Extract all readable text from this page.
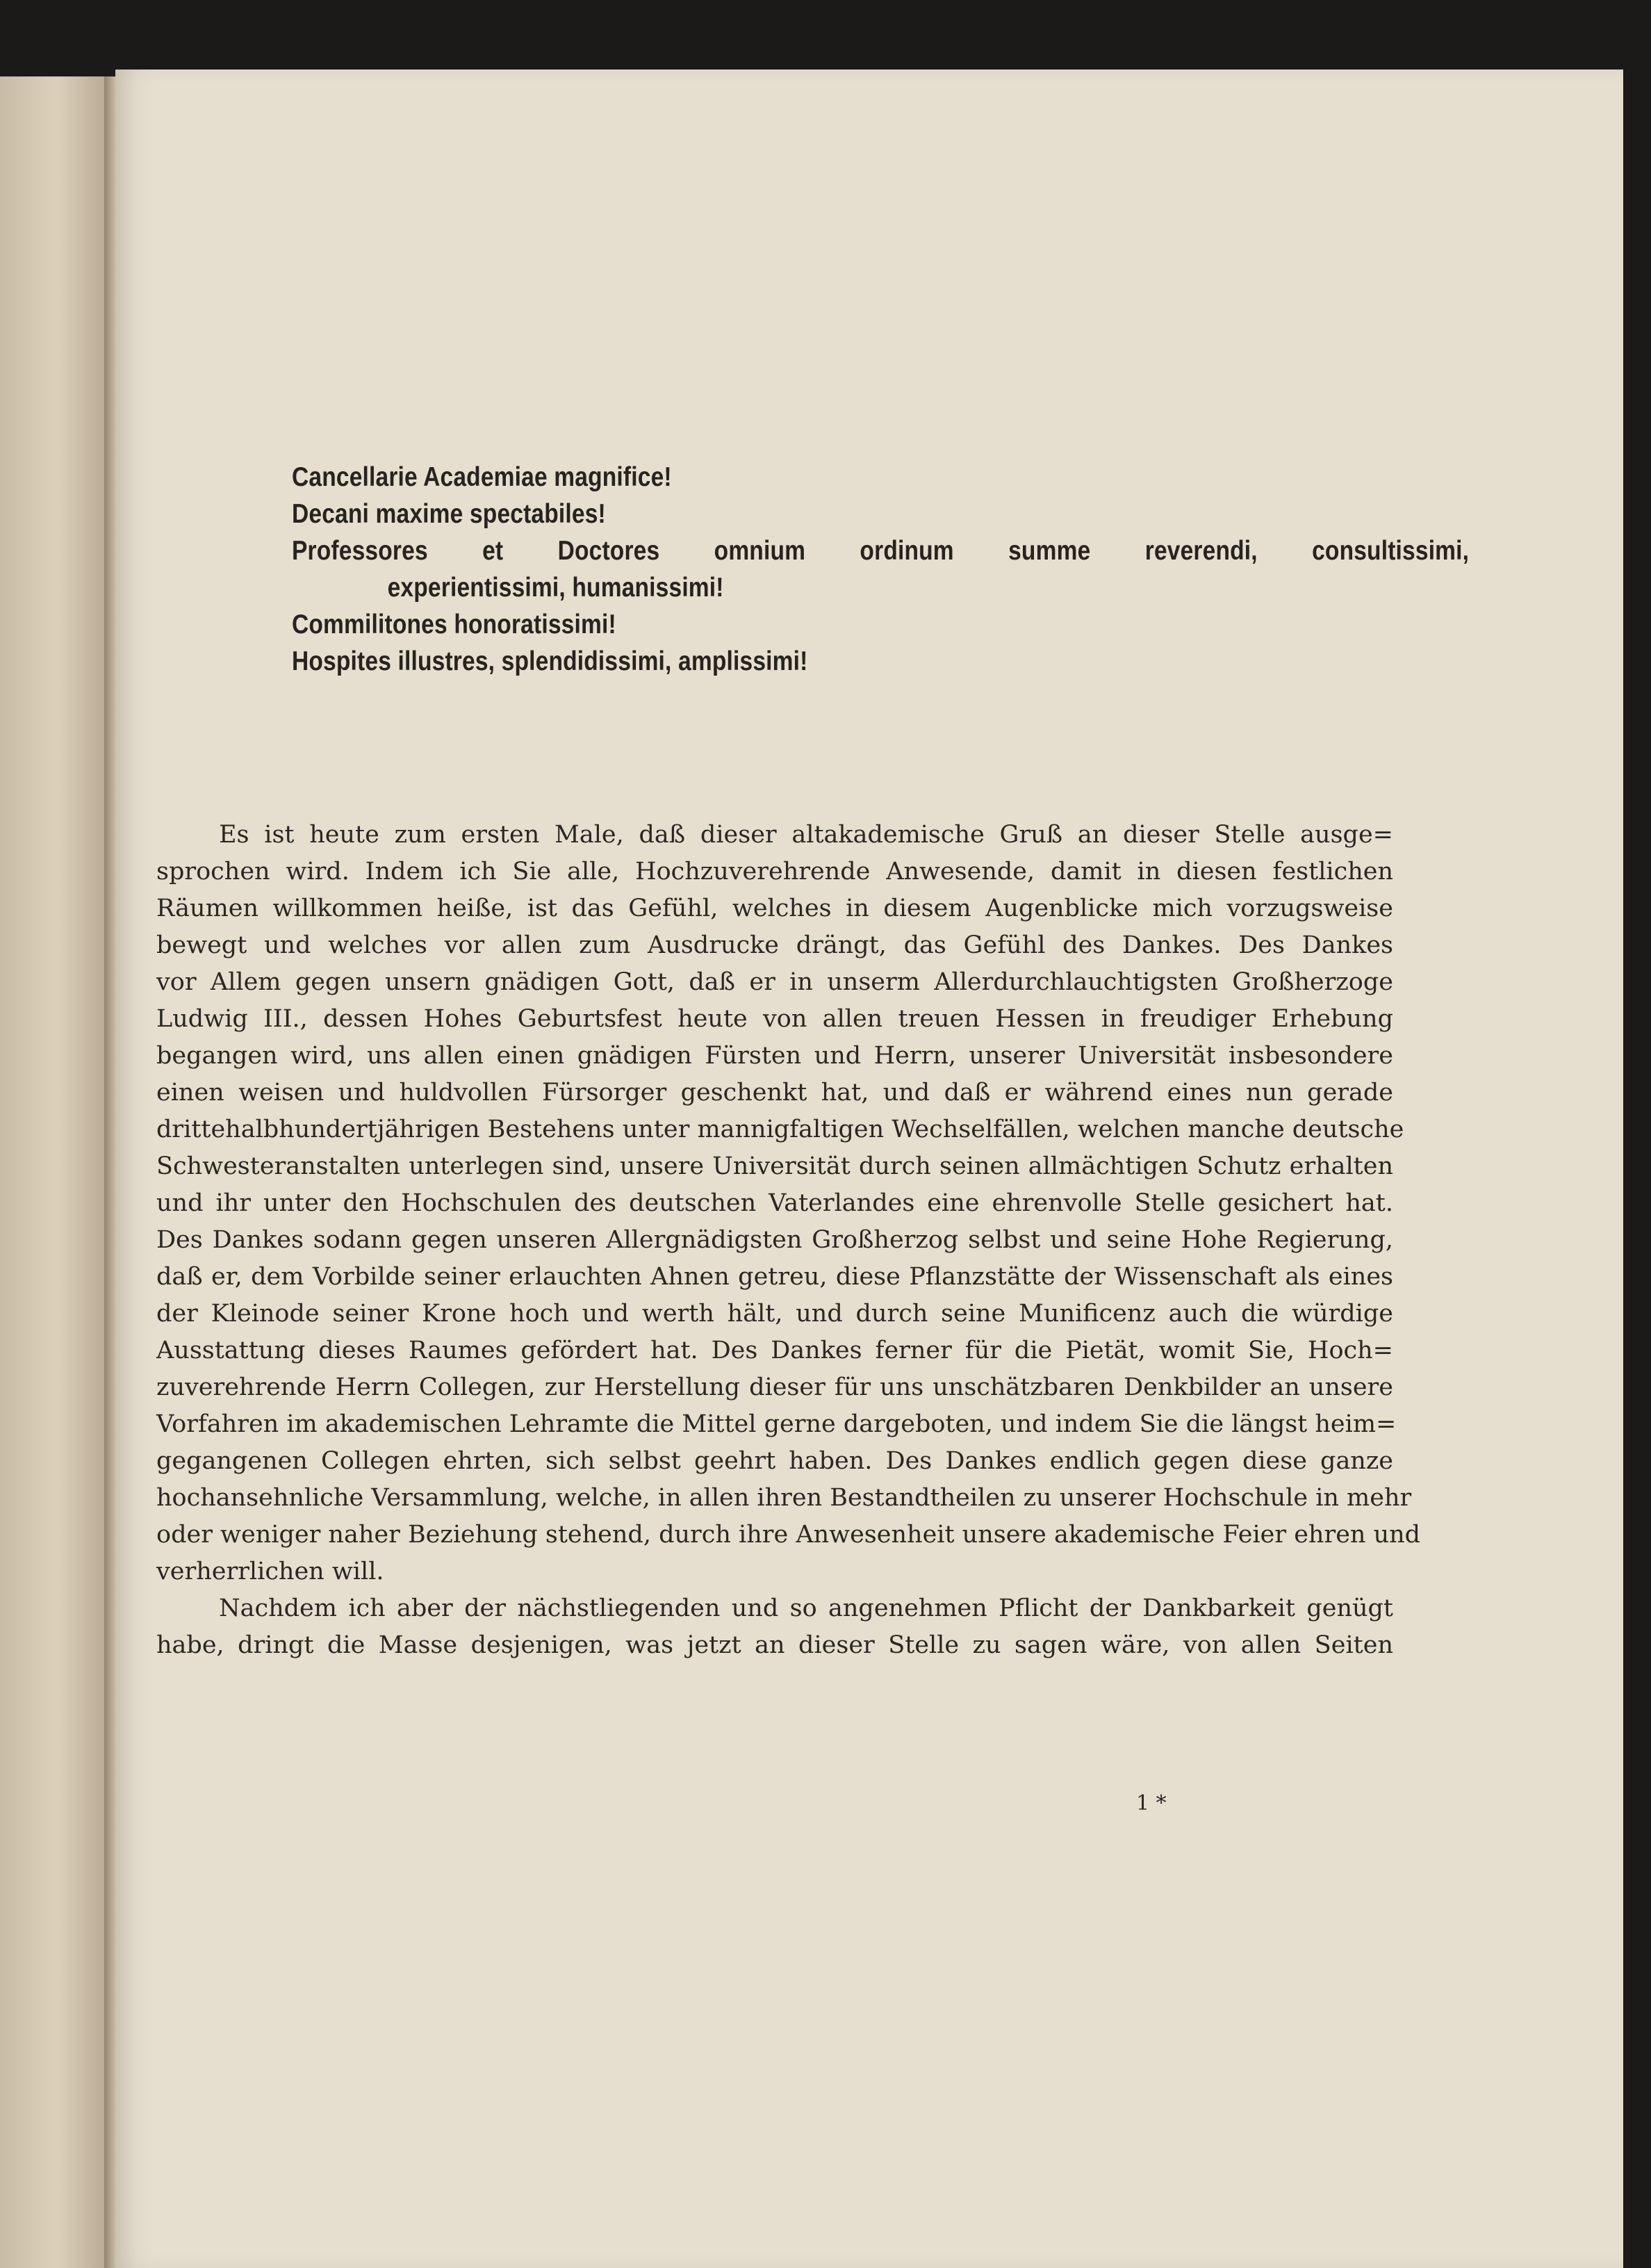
Cancellarie Academiae magnifice!
Decani maxime spectabiles!
Professores et Doctores omnium ordinum summe reverendi, consultissimi,
experientissimi, humanissimi!
Commilitones honoratissimi!
Hospites illustres, splendidissimi, amplissimi!
Es ist heute zum ersten Male, daß dieser altakademische Gruß an dieser Stelle ausge=
sprochen wird. Indem ich Sie alle, Hochzuverehrende Anwesende, damit in diesen festlichen
Räumen willkommen heiße, ist das Gefühl, welches in diesem Augenblicke mich vorzugsweise
bewegt und welches vor allen zum Ausdrucke drängt, das Gefühl des Dankes. Des Dankes
vor Allem gegen unsern gnädigen Gott, daß er in unserm Allerdurchlauchtigsten Großherzoge
Ludwig III., dessen Hohes Geburtsfest heute von allen treuen Hessen in freudiger Erhebung
begangen wird, uns allen einen gnädigen Fürsten und Herrn, unserer Universität insbesondere
einen weisen und huldvollen Fürsorger geschenkt hat, und daß er während eines nun gerade
drittehalbhundertjährigen Bestehens unter mannigfaltigen Wechselfällen, welchen manche deutsche
Schwesteranstalten unterlegen sind, unsere Universität durch seinen allmächtigen Schutz erhalten
und ihr unter den Hochschulen des deutschen Vaterlandes eine ehrenvolle Stelle gesichert hat.
Des Dankes sodann gegen unseren Allergnädigsten Großherzog selbst und seine Hohe Regierung,
daß er, dem Vorbilde seiner erlauchten Ahnen getreu, diese Pflanzstätte der Wissenschaft als eines
der Kleinode seiner Krone hoch und werth hält, und durch seine Munificenz auch die würdige
Ausstattung dieses Raumes gefördert hat. Des Dankes ferner für die Pietät, womit Sie, Hoch=
zuverehrende Herrn Collegen, zur Herstellung dieser für uns unschätzbaren Denkbilder an unsere
Vorfahren im akademischen Lehramte die Mittel gerne dargeboten, und indem Sie die längst heim=
gegangenen Collegen ehrten, sich selbst geehrt haben. Des Dankes endlich gegen diese ganze
hochansehnliche Versammlung, welche, in allen ihren Bestandtheilen zu unserer Hochschule in mehr
oder weniger naher Beziehung stehend, durch ihre Anwesenheit unsere akademische Feier ehren und
verherrlichen will.
Nachdem ich aber der nächstliegenden und so angenehmen Pflicht der Dankbarkeit genügt
habe, dringt die Masse desjenigen, was jetzt an dieser Stelle zu sagen wäre, von allen Seiten
1 *
